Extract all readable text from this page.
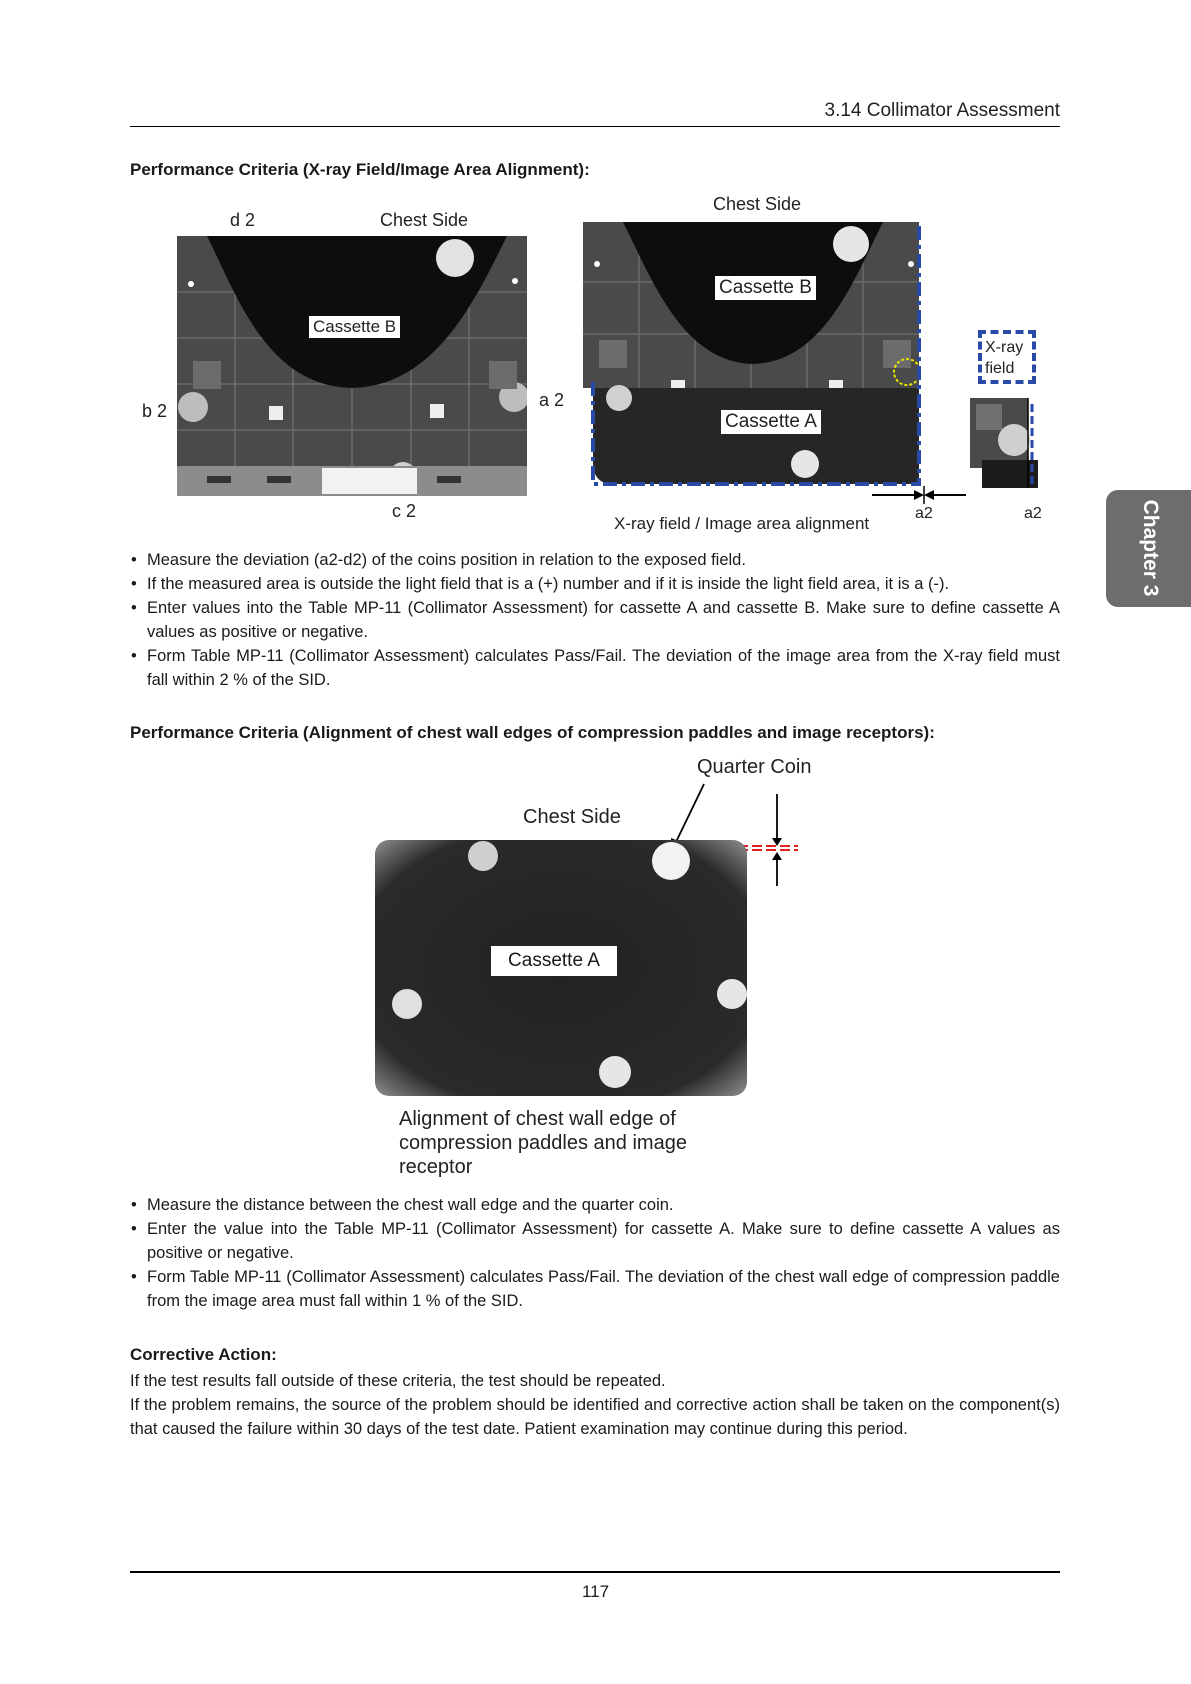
3.14 Collimator Assessment
Performance Criteria (X-ray Field/Image Area Alignment):
d 2	Chest Side
b 2
c 2
Cassette B
Chest Side
a 2
Cassette B
Cassette A
a2	a2
X-ray field / Image area alignment
X-ray
field
• Measure the deviation (a2-d2) of the coins position in relation to the exposed field.
• If the measured area is outside the light field that is a (+) number and if it is inside the light field area, it is a (-).
• Enter values into the Table MP-11 (Collimator Assessment) for cassette A and cassette B. Make sure to define cassette A values as positive or negative.
• Form Table MP-11 (Collimator Assessment) calculates Pass/Fail. The deviation of the image area from the X-ray field must fall within 2 % of the SID.
Performance Criteria (Alignment of chest wall edges of compression paddles and image receptors):
Quarter Coin
Chest Side
Cassette A
Alignment of chest wall edge of
compression paddles and image
receptor
• Measure the distance between the chest wall edge and the quarter coin.
• Enter the value into the Table MP-11 (Collimator Assessment) for cassette A. Make sure to define cassette A values as positive or negative.
• Form Table MP-11 (Collimator Assessment) calculates Pass/Fail. The deviation of the chest wall edge of compression paddle from the image area must fall within 1 % of the SID.
Corrective Action:
If the test results fall outside of these criteria, the test should be repeated.
If the problem remains, the source of the problem should be identified and corrective action shall be taken on the component(s) that caused the failure within 30 days of the test date. Patient examination may continue during this period.
117
Chapter 3
